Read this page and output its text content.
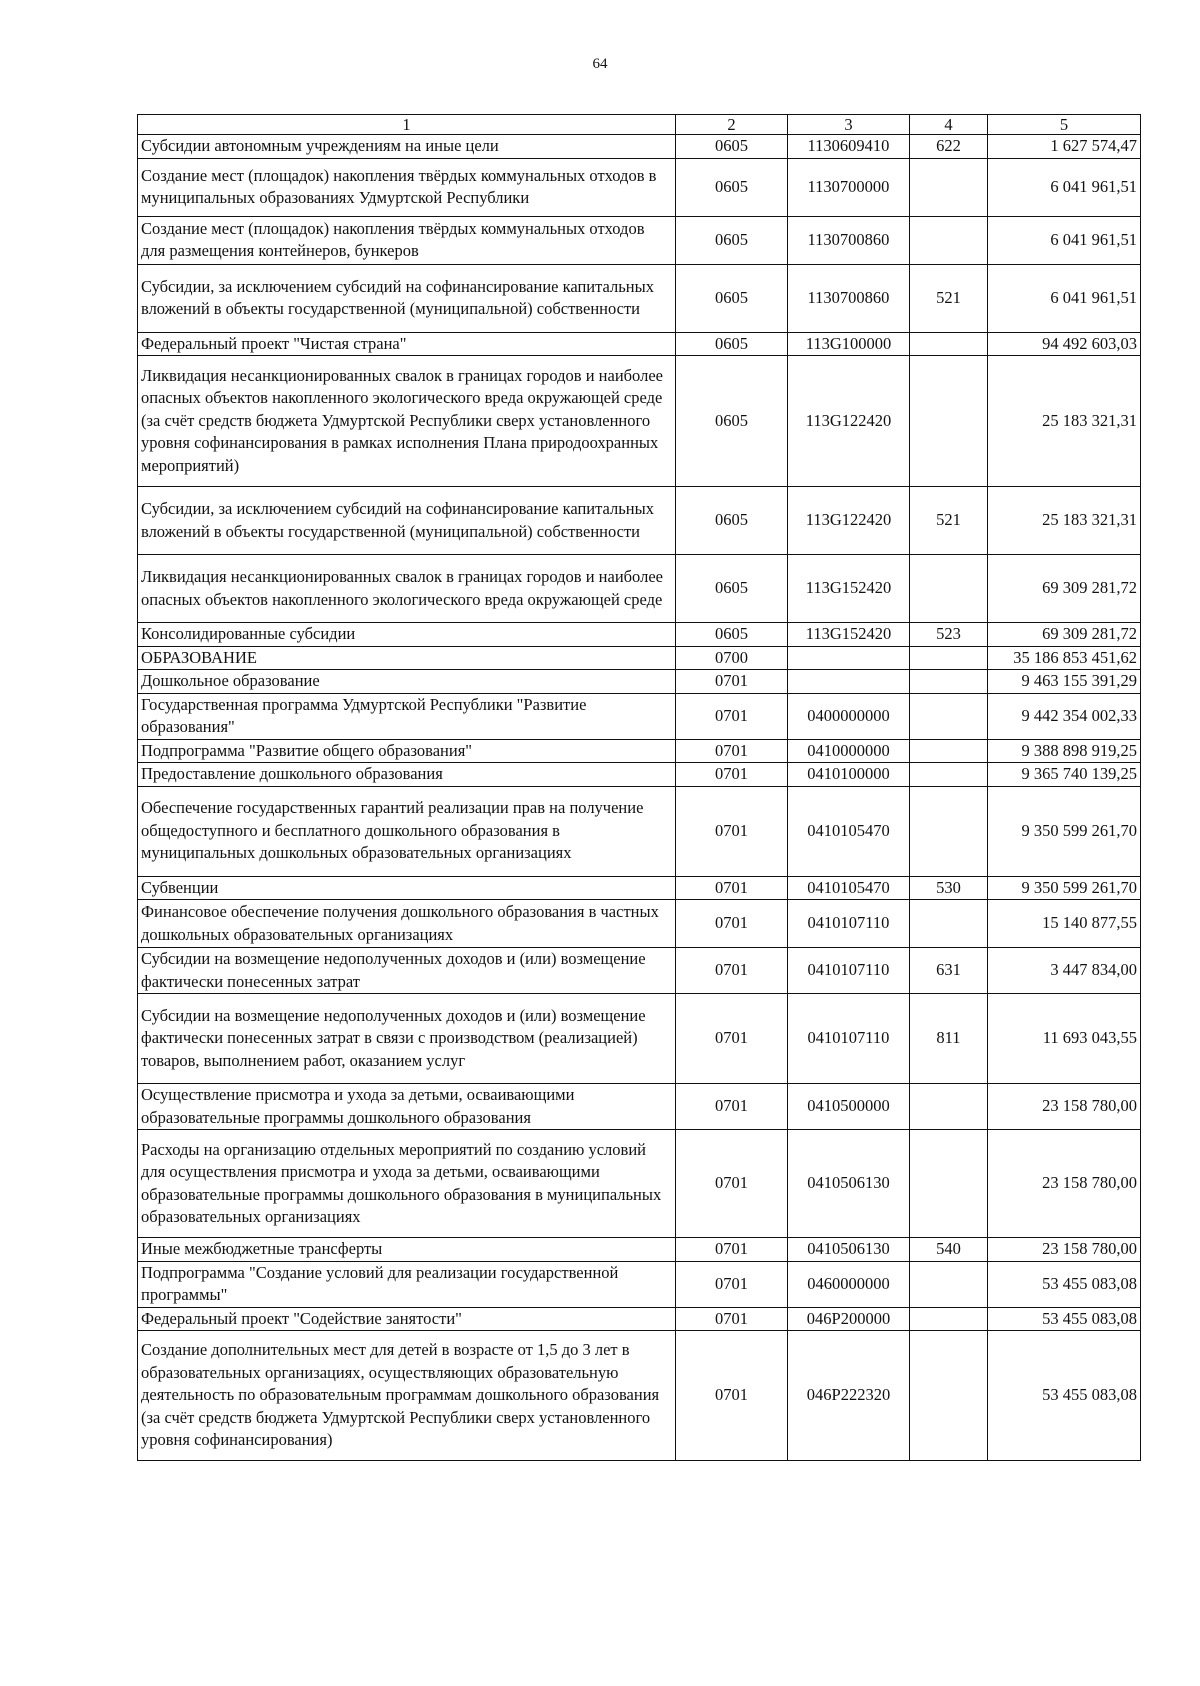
64
1	2	3	4	5
Субсидии автономным учреждениям на иные цели	0605	1130609410	622	1 627 574,47
Создание мест (площадок) накопления твёрдых коммунальных отходов в муниципальных образованиях Удмуртской Республики	0605	1130700000		6 041 961,51
Создание мест (площадок) накопления твёрдых коммунальных отходов для размещения контейнеров, бункеров	0605	1130700860		6 041 961,51
Субсидии, за исключением субсидий на софинансирование капитальных вложений в объекты государственной (муниципальной) собственности	0605	1130700860	521	6 041 961,51
Федеральный проект "Чистая страна"	0605	113G100000		94 492 603,03
Ликвидация несанкционированных свалок в границах городов и наиболее опасных объектов накопленного экологического вреда окружающей среде (за счёт средств бюджета Удмуртской Республики сверх установленного уровня софинансирования в рамках исполнения Плана природоохранных мероприятий)	0605	113G122420		25 183 321,31
Субсидии, за исключением субсидий на софинансирование капитальных вложений в объекты государственной (муниципальной) собственности	0605	113G122420	521	25 183 321,31
Ликвидация несанкционированных свалок в границах городов и наиболее опасных объектов накопленного экологического вреда окружающей среде	0605	113G152420		69 309 281,72
Консолидированные субсидии	0605	113G152420	523	69 309 281,72
ОБРАЗОВАНИЕ	0700			35 186 853 451,62
Дошкольное образование	0701			9 463 155 391,29
Государственная программа Удмуртской Республики "Развитие образования"	0701	0400000000		9 442 354 002,33
Подпрограмма "Развитие общего образования"	0701	0410000000		9 388 898 919,25
Предоставление дошкольного образования	0701	0410100000		9 365 740 139,25
Обеспечение государственных гарантий реализации прав на получение общедоступного и бесплатного дошкольного образования в муниципальных дошкольных образовательных организациях	0701	0410105470		9 350 599 261,70
Субвенции	0701	0410105470	530	9 350 599 261,70
Финансовое обеспечение получения дошкольного образования в частных дошкольных образовательных организациях	0701	0410107110		15 140 877,55
Субсидии на возмещение недополученных доходов и (или) возмещение фактически понесенных затрат	0701	0410107110	631	3 447 834,00
Субсидии на возмещение недополученных доходов и (или) возмещение фактически понесенных затрат в связи с производством (реализацией) товаров, выполнением работ, оказанием услуг	0701	0410107110	811	11 693 043,55
Осуществление присмотра и ухода за детьми, осваивающими образовательные программы дошкольного образования	0701	0410500000		23 158 780,00
Расходы на организацию отдельных мероприятий по созданию условий для осуществления присмотра и ухода за детьми, осваивающими образовательные программы дошкольного образования в муниципальных образовательных организациях	0701	0410506130		23 158 780,00
Иные межбюджетные трансферты	0701	0410506130	540	23 158 780,00
Подпрограмма "Создание условий для реализации государственной программы"	0701	0460000000		53 455 083,08
Федеральный проект "Содействие занятости"	0701	046P200000		53 455 083,08
Создание дополнительных мест для детей в возрасте от 1,5 до 3 лет в образовательных организациях, осуществляющих образовательную деятельность по образовательным программам дошкольного образования (за счёт средств бюджета Удмуртской Республики сверх установленного уровня софинансирования)	0701	046P222320		53 455 083,08
